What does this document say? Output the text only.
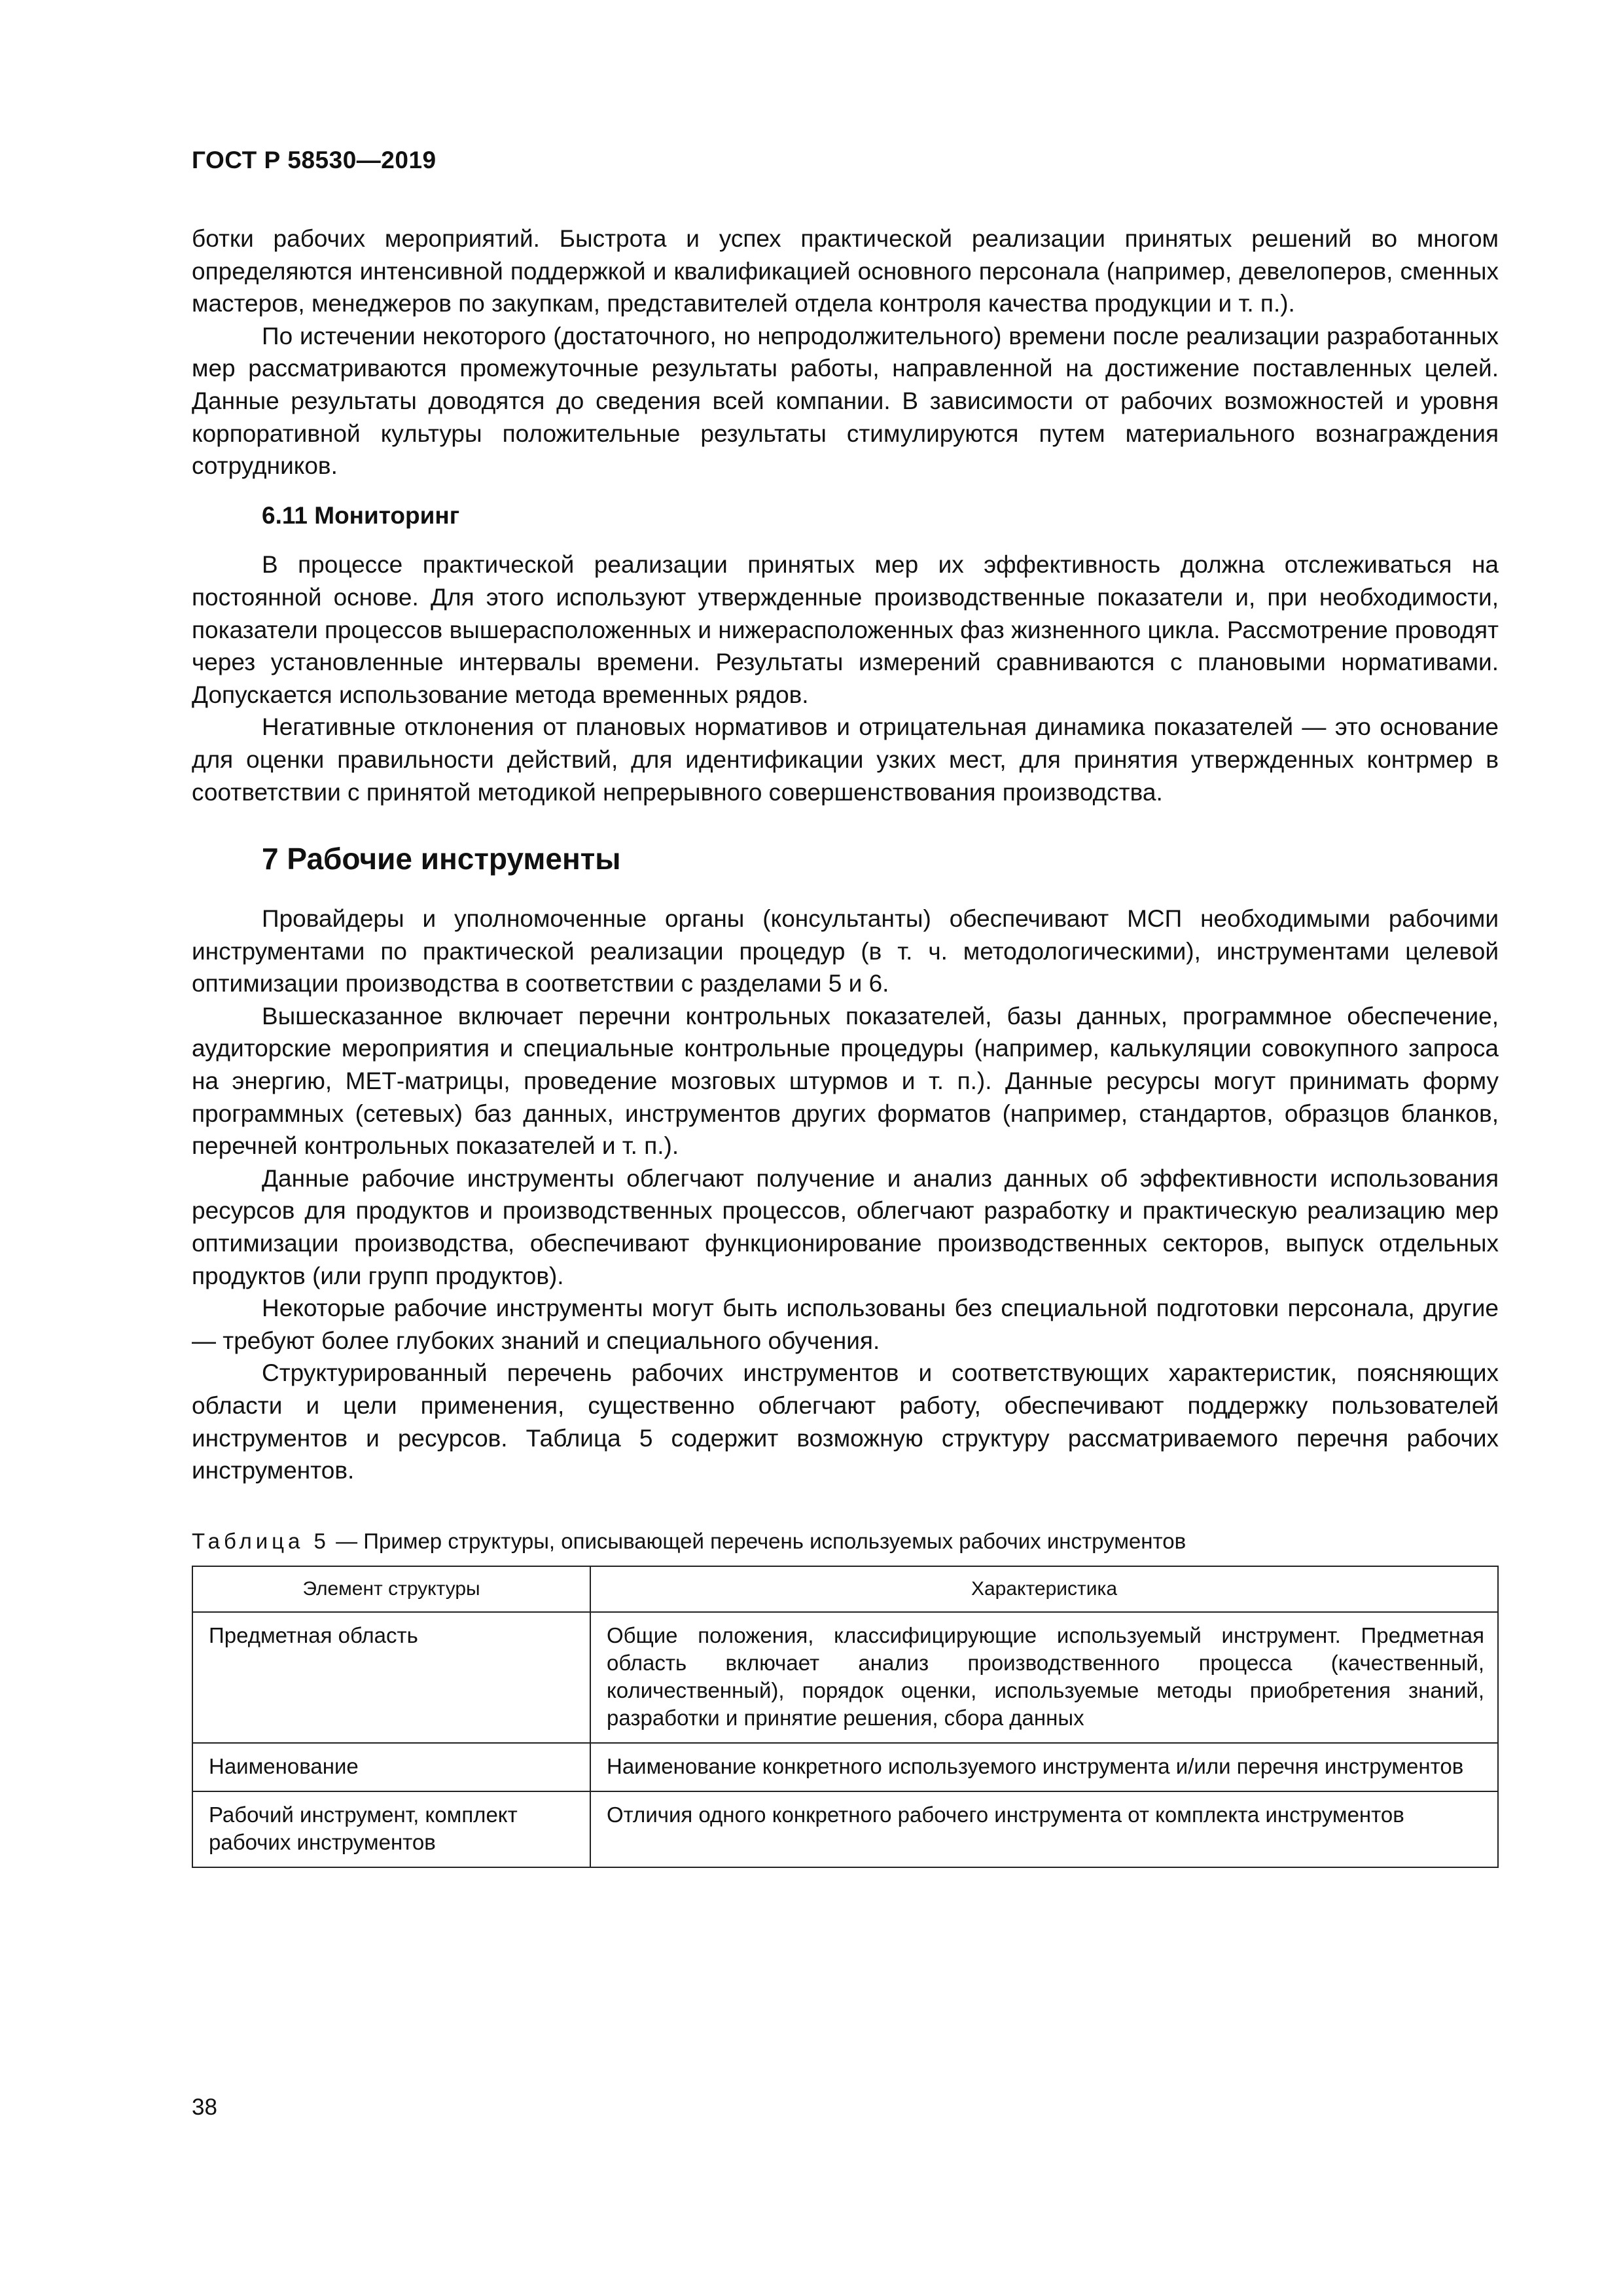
ГОСТ Р 58530—2019

ботки рабочих мероприятий. Быстрота и успех практической реализации принятых решений во многом определяются интенсивной поддержкой и квалификацией основного персонала (например, девелоперов, сменных мастеров, менеджеров по закупкам, представителей отдела контроля качества продукции и т. п.).

По истечении некоторого (достаточного, но непродолжительного) времени после реализации разработанных мер рассматриваются промежуточные результаты работы, направленной на достижение поставленных целей. Данные результаты доводятся до сведения всей компании. В зависимости от рабочих возможностей и уровня корпоративной культуры положительные результаты стимулируются путем материального вознаграждения сотрудников.

6.11 Мониторинг

В процессе практической реализации принятых мер их эффективность должна отслеживаться на постоянной основе. Для этого используют утвержденные производственные показатели и, при необходимости, показатели процессов вышерасположенных и нижерасположенных фаз жизненного цикла. Рассмотрение проводят через установленные интервалы времени. Результаты измерений сравниваются с плановыми нормативами. Допускается использование метода временных рядов.

Негативные отклонения от плановых нормативов и отрицательная динамика показателей — это основание для оценки правильности действий, для идентификации узких мест, для принятия утвержденных контрмер в соответствии с принятой методикой непрерывного совершенствования производства.

7 Рабочие инструменты

Провайдеры и уполномоченные органы (консультанты) обеспечивают МСП необходимыми рабочими инструментами по практической реализации процедур (в т. ч. методологическими), инструментами целевой оптимизации производства в соответствии с разделами 5 и 6.

Вышесказанное включает перечни контрольных показателей, базы данных, программное обеспечение, аудиторские мероприятия и специальные контрольные процедуры (например, калькуляции совокупного запроса на энергию, МЕТ-матрицы, проведение мозговых штурмов и т. п.). Данные ресурсы могут принимать форму программных (сетевых) баз данных, инструментов других форматов (например, стандартов, образцов бланков, перечней контрольных показателей и т. п.).

Данные рабочие инструменты облегчают получение и анализ данных об эффективности использования ресурсов для продуктов и производственных процессов, облегчают разработку и практическую реализацию мер оптимизации производства, обеспечивают функционирование производственных секторов, выпуск отдельных продуктов (или групп продуктов).

Некоторые рабочие инструменты могут быть использованы без специальной подготовки персонала, другие — требуют более глубоких знаний и специального обучения.

Структурированный перечень рабочих инструментов и соответствующих характеристик, поясняющих области и цели применения, существенно облегчают работу, обеспечивают поддержку пользователей инструментов и ресурсов. Таблица 5 содержит возможную структуру рассматриваемого перечня рабочих инструментов.

Таблица 5 — Пример структуры, описывающей перечень используемых рабочих инструментов
Элемент структуры	Характеристика
Предметная область	Общие положения, классифицирующие используемый инструмент. Предметная область включает анализ производственного процесса (качественный, количественный), порядок оценки, используемые методы приобретения знаний, разработки и принятие решения, сбора данных
Наименование	Наименование конкретного используемого инструмента и/или перечня инструментов
Рабочий инструмент, комплект рабочих инструментов	Отличия одного конкретного рабочего инструмента от комплекта инструментов
38
